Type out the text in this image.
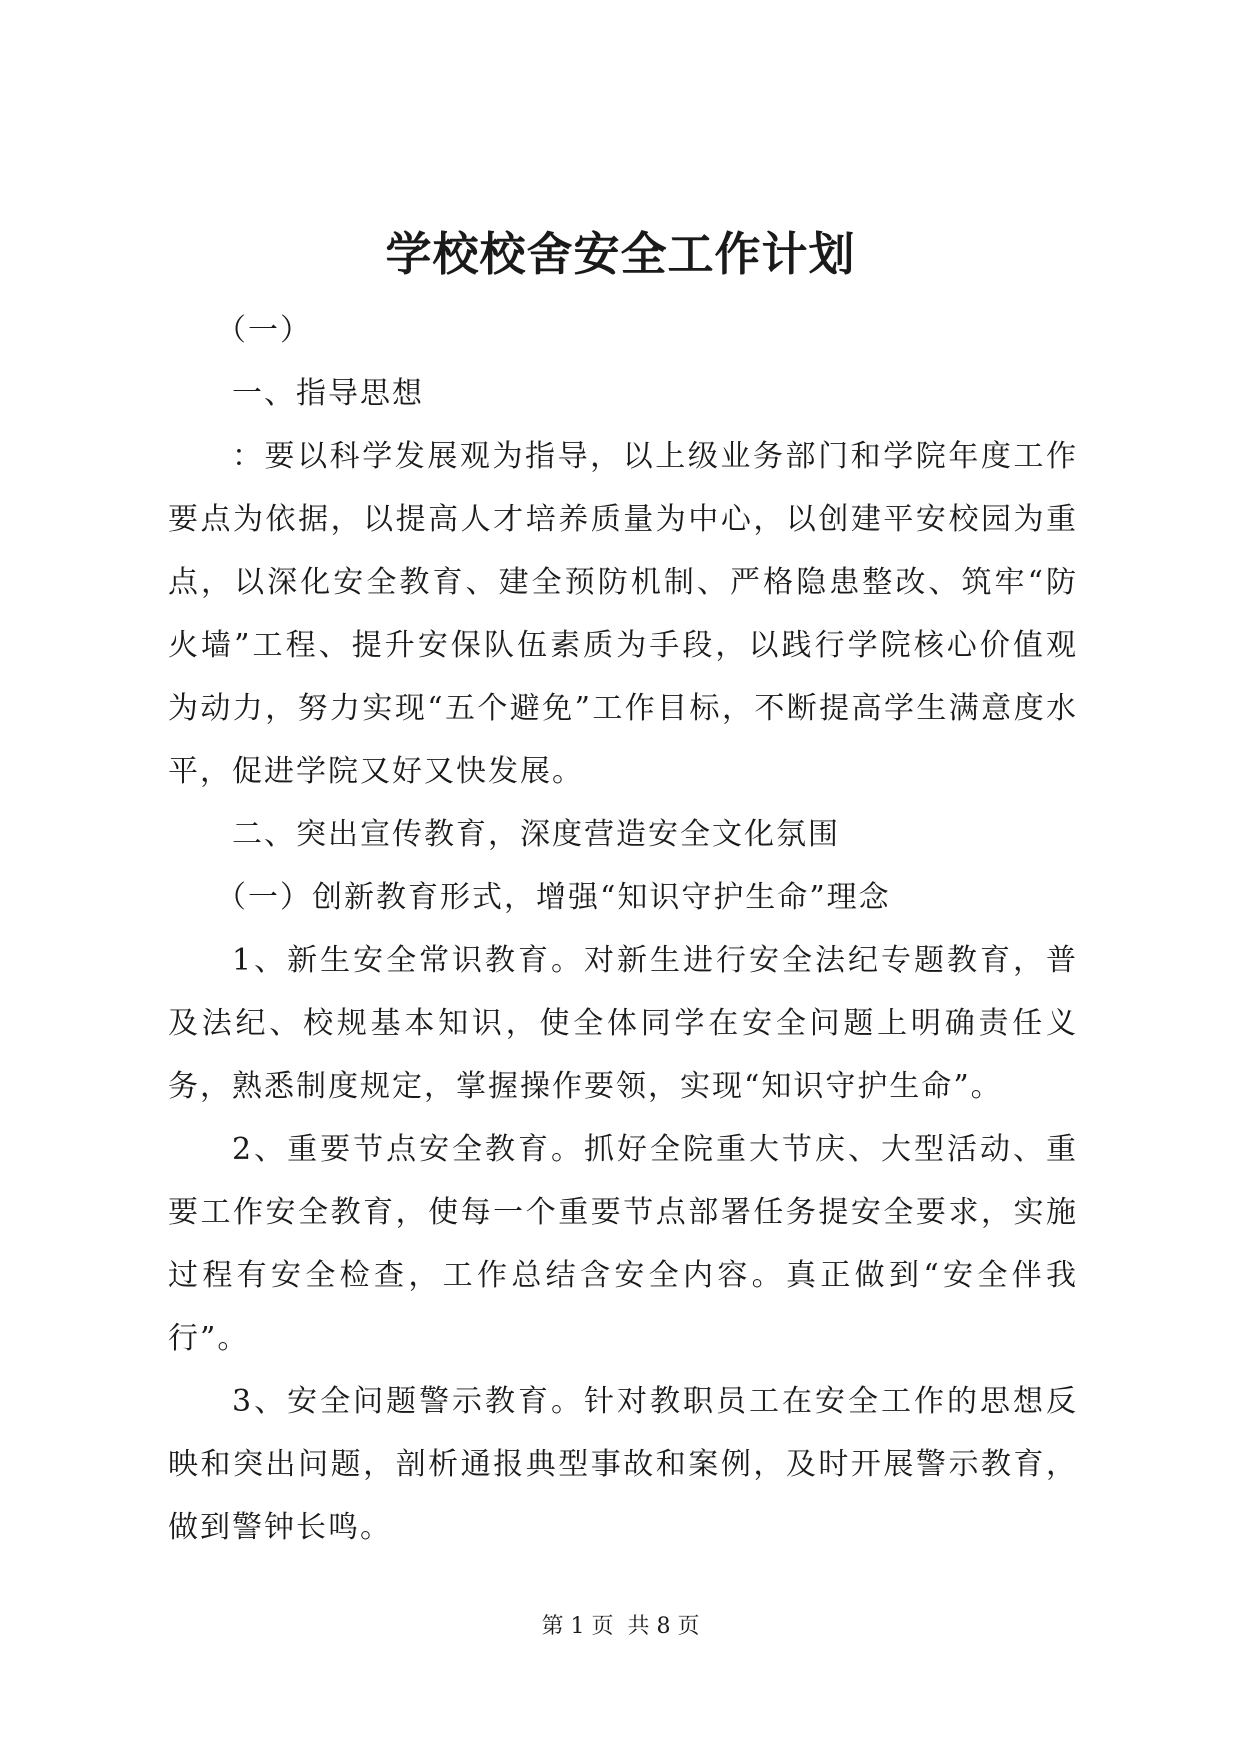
学校校舍安全工作计划

（一）

一、指导思想

：要以科学发展观为指导，以上级业务部门和学院年度工作要点为依据，以提高人才培养质量为中心，以创建平安校园为重点，以深化安全教育、建全预防机制、严格隐患整改、筑牢“防火墙”工程、提升安保队伍素质为手段，以践行学院核心价值观为动力，努力实现“五个避免”工作目标，不断提高学生满意度水平，促进学院又好又快发展。

二、突出宣传教育，深度营造安全文化氛围

（一）创新教育形式，增强“知识守护生命”理念

1、新生安全常识教育。对新生进行安全法纪专题教育，普及法纪、校规基本知识，使全体同学在安全问题上明确责任义务，熟悉制度规定，掌握操作要领，实现“知识守护生命”。

2、重要节点安全教育。抓好全院重大节庆、大型活动、重要工作安全教育，使每一个重要节点部署任务提安全要求，实施过程有安全检查，工作总结含安全内容。真正做到“安全伴我行”。

3、安全问题警示教育。针对教职员工在安全工作的思想反映和突出问题，剖析通报典型事故和案例，及时开展警示教育，做到警钟长鸣。

第 1 页  共 8 页
